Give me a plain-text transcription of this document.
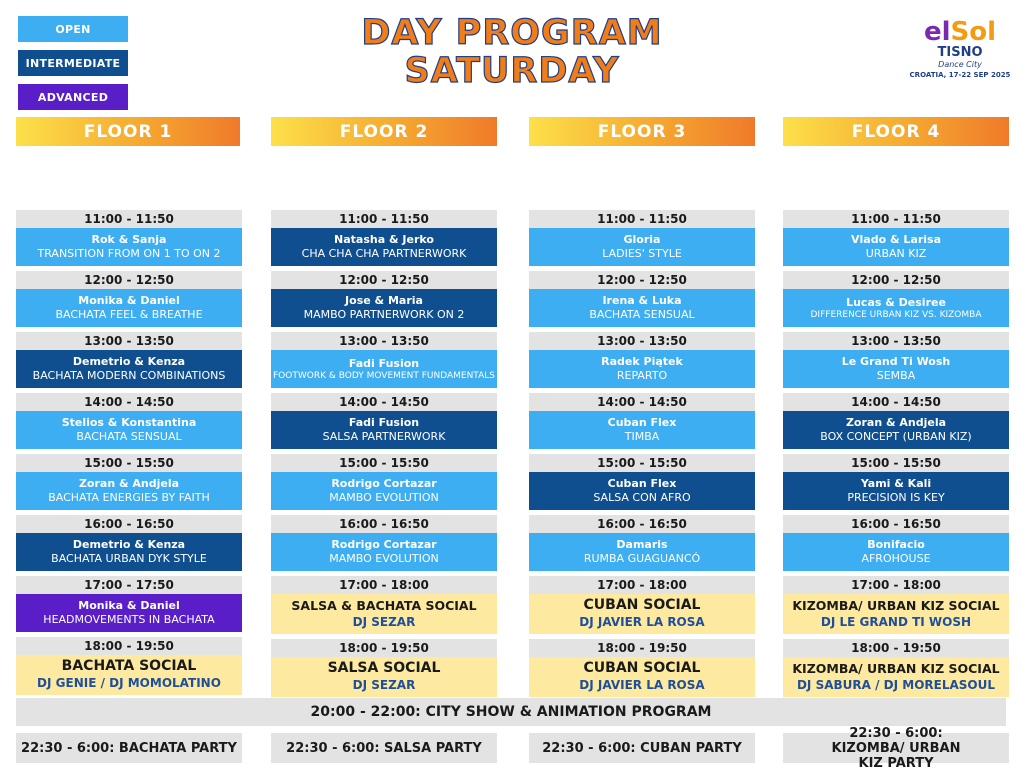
OPEN
INTERMEDIATE
ADVANCED
DAY PROGRAM
SATURDAY
elSol
TISNO
Dance City
CROATIA, 17-22 SEP 2025
FLOOR 1
11:00 - 11:50
Rok & Sanja
TRANSITION FROM ON 1 TO ON 2
12:00 - 12:50
Monika & Daniel
BACHATA FEEL & BREATHE
13:00 - 13:50
Demetrio & Kenza
BACHATA MODERN COMBINATIONS
14:00 - 14:50
Stelios & Konstantina
BACHATA SENSUAL
15:00 - 15:50
Zoran & Andjela
BACHATA ENERGIES BY FAITH
16:00 - 16:50
Demetrio & Kenza
BACHATA URBAN DYK STYLE
17:00 - 17:50
Monika & Daniel
HEADMOVEMENTS IN BACHATA
18:00 - 19:50
BACHATA SOCIAL
DJ GENIE / DJ MOMOLATINO
FLOOR 2
11:00 - 11:50
Natasha & Jerko
CHA CHA CHA PARTNERWORK
12:00 - 12:50
Jose & Maria
MAMBO PARTNERWORK ON 2
13:00 - 13:50
Fadi Fusion
FOOTWORK & BODY MOVEMENT FUNDAMENTALS
14:00 - 14:50
Fadi Fusion
SALSA PARTNERWORK
15:00 - 15:50
Rodrigo Cortazar
MAMBO EVOLUTION
16:00 - 16:50
Rodrigo Cortazar
MAMBO EVOLUTION
17:00 - 18:00
SALSA & BACHATA SOCIAL
DJ SEZAR
18:00 - 19:50
SALSA SOCIAL
DJ SEZAR
FLOOR 3
11:00 - 11:50
Gloria
LADIES' STYLE
12:00 - 12:50
Irena & Luka
BACHATA SENSUAL
13:00 - 13:50
Radek Piątek
REPARTO
14:00 - 14:50
Cuban Flex
TIMBA
15:00 - 15:50
Cuban Flex
SALSA CON AFRO
16:00 - 16:50
Damaris
RUMBA GUAGUANCÓ
17:00 - 18:00
CUBAN SOCIAL
DJ JAVIER LA ROSA
18:00 - 19:50
CUBAN SOCIAL
DJ JAVIER LA ROSA
FLOOR 4
11:00 - 11:50
Vlado & Larisa
URBAN KIZ
12:00 - 12:50
Lucas & Desiree
DIFFERENCE URBAN KIZ VS. KIZOMBA
13:00 - 13:50
Le Grand Ti Wosh
SEMBA
14:00 - 14:50
Zoran & Andjela
BOX CONCEPT (URBAN KIZ)
15:00 - 15:50
Yami & Kali
PRECISION IS KEY
16:00 - 16:50
Bonifacio
AFROHOUSE
17:00 - 18:00
KIZOMBA/ URBAN KIZ SOCIAL
DJ LE GRAND TI WOSH
18:00 - 19:50
KIZOMBA/ URBAN KIZ SOCIAL
DJ SABURA / DJ MORELASOUL
20:00 - 22:00: CITY SHOW & ANIMATION PROGRAM
22:30 - 6:00: BACHATA PARTY	22:30 - 6:00: SALSA PARTY	22:30 - 6:00: CUBAN PARTY
22:30 - 6:00: KIZOMBA/ URBAN KIZ PARTY
